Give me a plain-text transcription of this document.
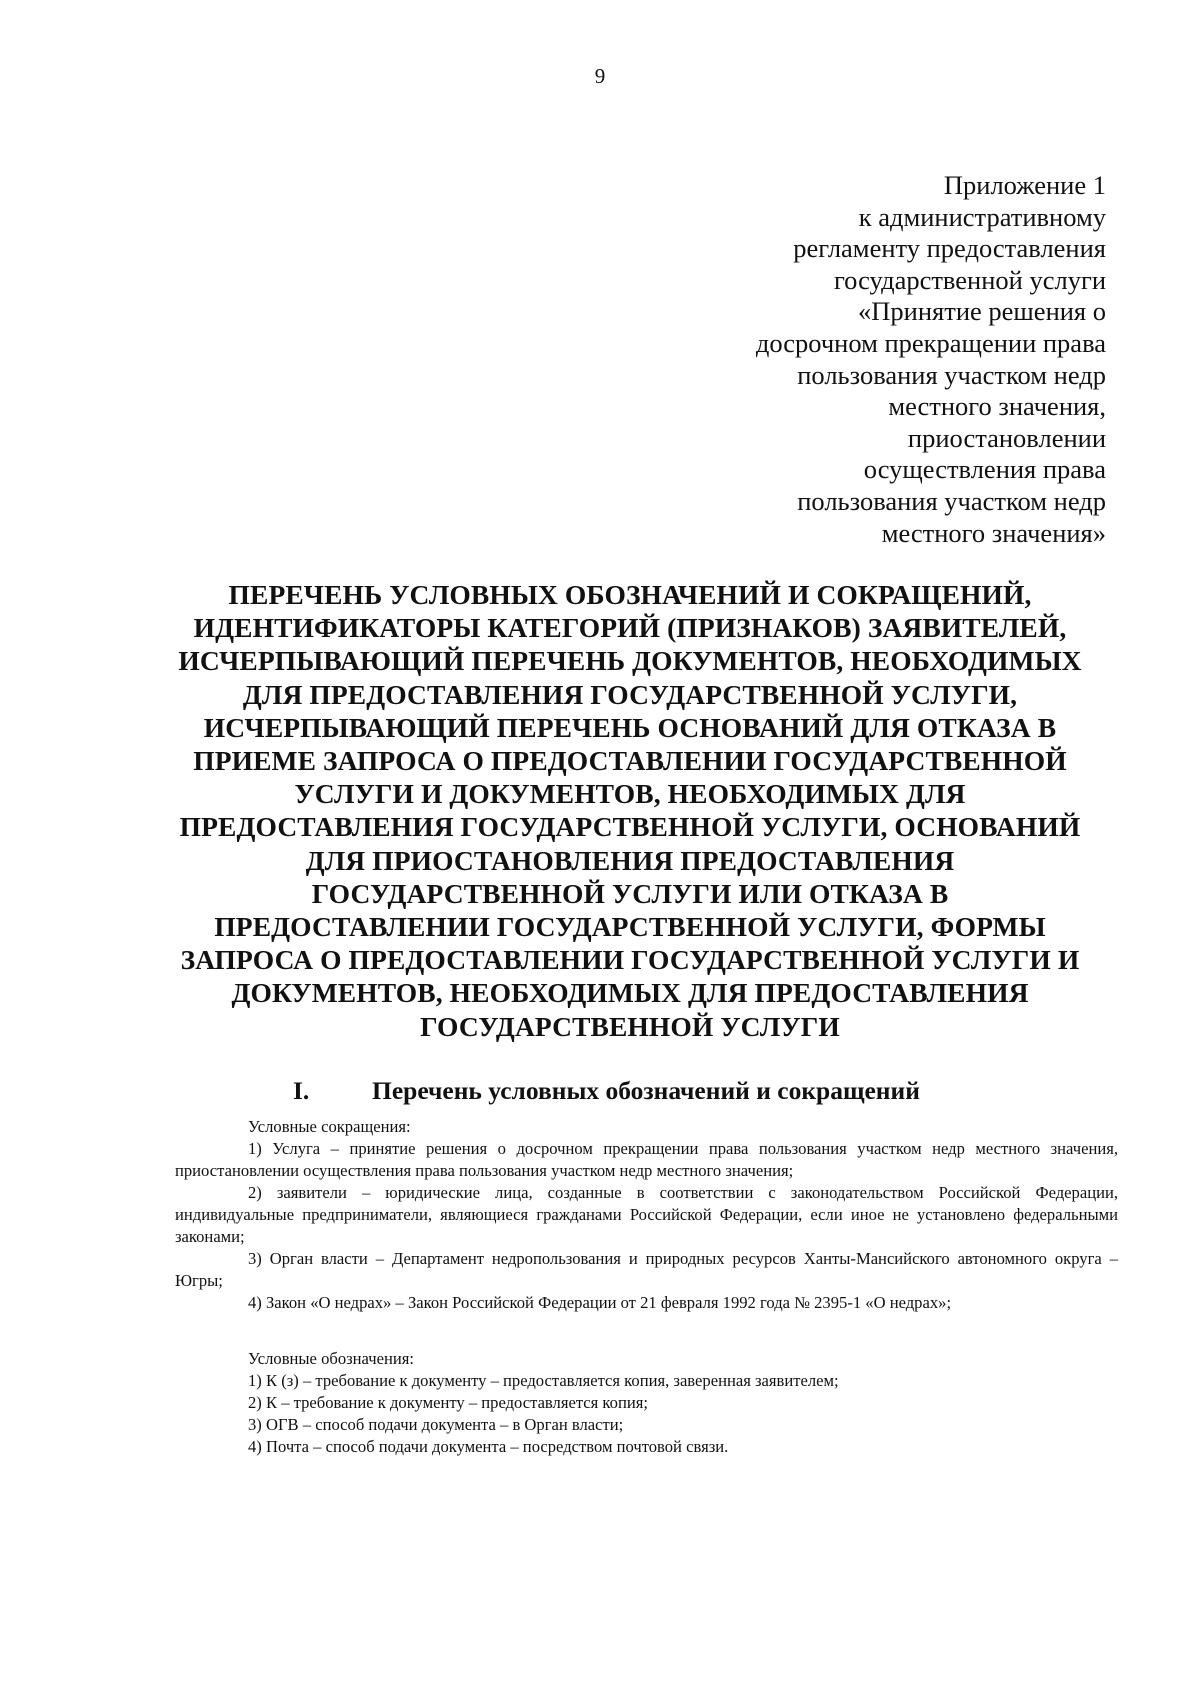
9
Приложение 1
к административному
регламенту предоставления
государственной услуги
«Принятие решения о
досрочном прекращении права
пользования участком недр
местного значения,
приостановлении
осуществления права
пользования участком недр
местного значения»
ПЕРЕЧЕНЬ УСЛОВНЫХ ОБОЗНАЧЕНИЙ И СОКРАЩЕНИЙ,
ИДЕНТИФИКАТОРЫ КАТЕГОРИЙ (ПРИЗНАКОВ) ЗАЯВИТЕЛЕЙ,
ИСЧЕРПЫВАЮЩИЙ ПЕРЕЧЕНЬ ДОКУМЕНТОВ, НЕОБХОДИМЫХ
ДЛЯ ПРЕДОСТАВЛЕНИЯ ГОСУДАРСТВЕННОЙ УСЛУГИ,
ИСЧЕРПЫВАЮЩИЙ ПЕРЕЧЕНЬ ОСНОВАНИЙ ДЛЯ ОТКАЗА В
ПРИЕМЕ ЗАПРОСА О ПРЕДОСТАВЛЕНИИ ГОСУДАРСТВЕННОЙ
УСЛУГИ И ДОКУМЕНТОВ, НЕОБХОДИМЫХ ДЛЯ
ПРЕДОСТАВЛЕНИЯ ГОСУДАРСТВЕННОЙ УСЛУГИ, ОСНОВАНИЙ
ДЛЯ ПРИОСТАНОВЛЕНИЯ ПРЕДОСТАВЛЕНИЯ
ГОСУДАРСТВЕННОЙ УСЛУГИ ИЛИ ОТКАЗА В
ПРЕДОСТАВЛЕНИИ ГОСУДАРСТВЕННОЙ УСЛУГИ, ФОРМЫ
ЗАПРОСА О ПРЕДОСТАВЛЕНИИ ГОСУДАРСТВЕННОЙ УСЛУГИ И
ДОКУМЕНТОВ, НЕОБХОДИМЫХ ДЛЯ ПРЕДОСТАВЛЕНИЯ
ГОСУДАРСТВЕННОЙ УСЛУГИ
I. Перечень условных обозначений и сокращений

Условные сокращения:

1) Услуга – принятие решения о досрочном прекращении права пользования участком недр местного значения, приостановлении осуществления права пользования участком недр местного значения;

2) заявители – юридические лица, созданные в соответствии с законодательством Российской Федерации, индивидуальные предприниматели, являющиеся гражданами Российской Федерации, если иное не установлено федеральными законами;

3) Орган власти – Департамент недропользования и природных ресурсов Ханты-Мансийского автономного округа – Югры;

4) Закон «О недрах» – Закон Российской Федерации от 21 февраля 1992 года № 2395-1 «О недрах»;

Условные обозначения:

1) К (з) – требование к документу – предоставляется копия, заверенная заявителем;

2) К – требование к документу – предоставляется копия;

3) ОГВ – способ подачи документа – в Орган власти;

4) Почта – способ подачи документа – посредством почтовой связи.
